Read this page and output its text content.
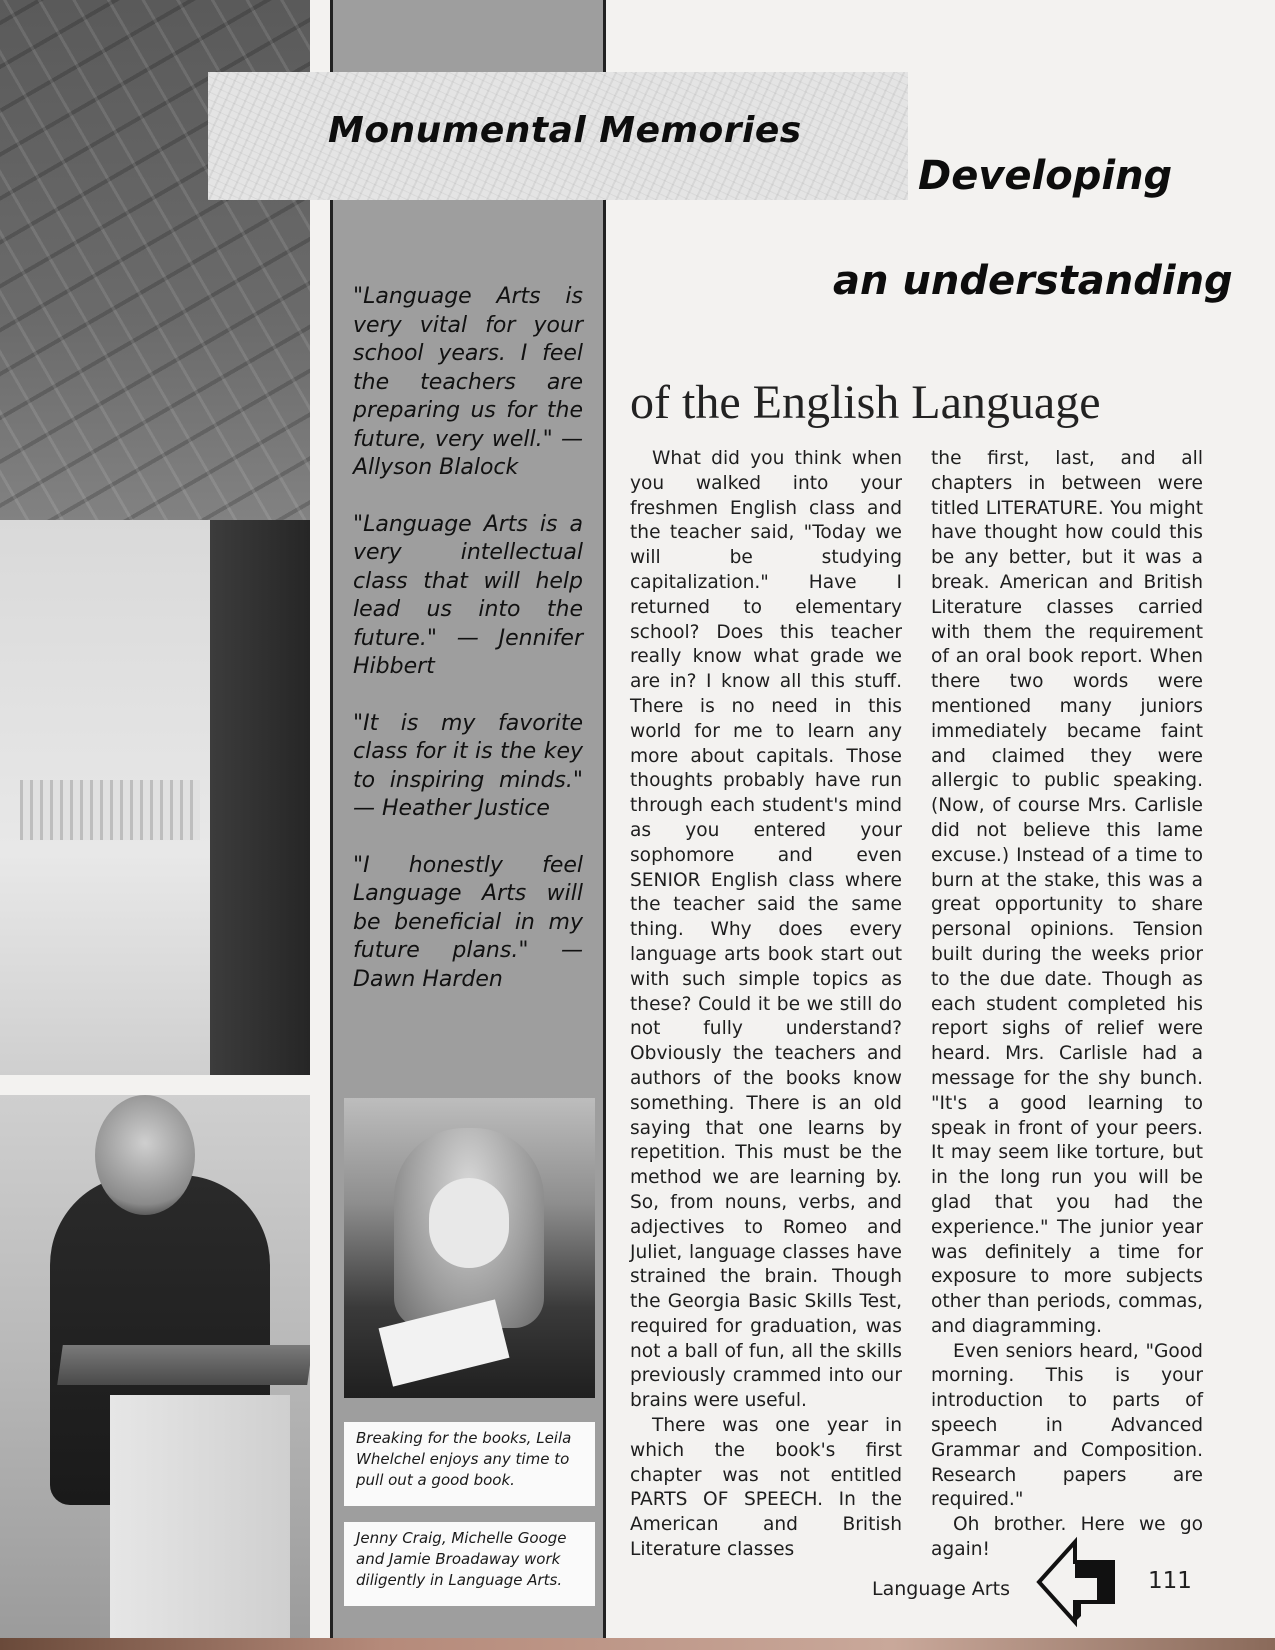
Monumental Memories

"Language Arts is very vital for your school years. I feel the teachers are preparing us for the future, very well." — Allyson Blalock

"Language Arts is a very intellectual class that will help lead us into the future." — Jennifer Hibbert

"It is my favorite class for it is the key to inspiring minds." — Heather Justice

"I honestly feel Language Arts will be beneficial in my future plans." — Dawn Harden

Breaking for the books, Leila Whelchel enjoys any time to pull out a good book.
Jenny Craig, Michelle Googe and Jamie Broadaway work diligently in Language Arts.
Developing
an understanding
of the English Language

What did you think when you walked into your freshmen English class and the teacher said, "Today we will be studying capitalization." Have I returned to elementary school? Does this teacher really know what grade we are in? I know all this stuff. There is no need in this world for me to learn any more about capitals. Those thoughts probably have run through each student's mind as you entered your sophomore and even SENIOR English class where the teacher said the same thing. Why does every language arts book start out with such simple topics as these? Could it be we still do not fully understand? Obviously the teachers and authors of the books know something. There is an old saying that one learns by repetition. This must be the method we are learning by. So, from nouns, verbs, and adjectives to Romeo and Juliet, language classes have strained the brain. Though the Georgia Basic Skills Test, required for graduation, was not a ball of fun, all the skills previously crammed into our brains were useful.

There was one year in which the book's first chapter was not entitled PARTS OF SPEECH. In the American and British Literature classes

the first, last, and all chapters in between were titled LITERATURE. You might have thought how could this be any better, but it was a break. American and British Literature classes carried with them the requirement of an oral book report. When there two words were mentioned many juniors immediately became faint and claimed they were allergic to public speaking. (Now, of course Mrs. Carlisle did not believe this lame excuse.) Instead of a time to burn at the stake, this was a great opportunity to share personal opinions. Tension built during the weeks prior to the due date. Though as each student completed his report sighs of relief were heard. Mrs. Carlisle had a message for the shy bunch. "It's a good learning to speak in front of your peers. It may seem like torture, but in the long run you will be glad that you had the experience." The junior year was definitely a time for exposure to more subjects other than periods, commas, and diagramming.

Even seniors heard, "Good morning. This is your introduction to parts of speech in Advanced Grammar and Composition. Research papers are required."

Oh brother. Here we go again!

Language Arts	111
